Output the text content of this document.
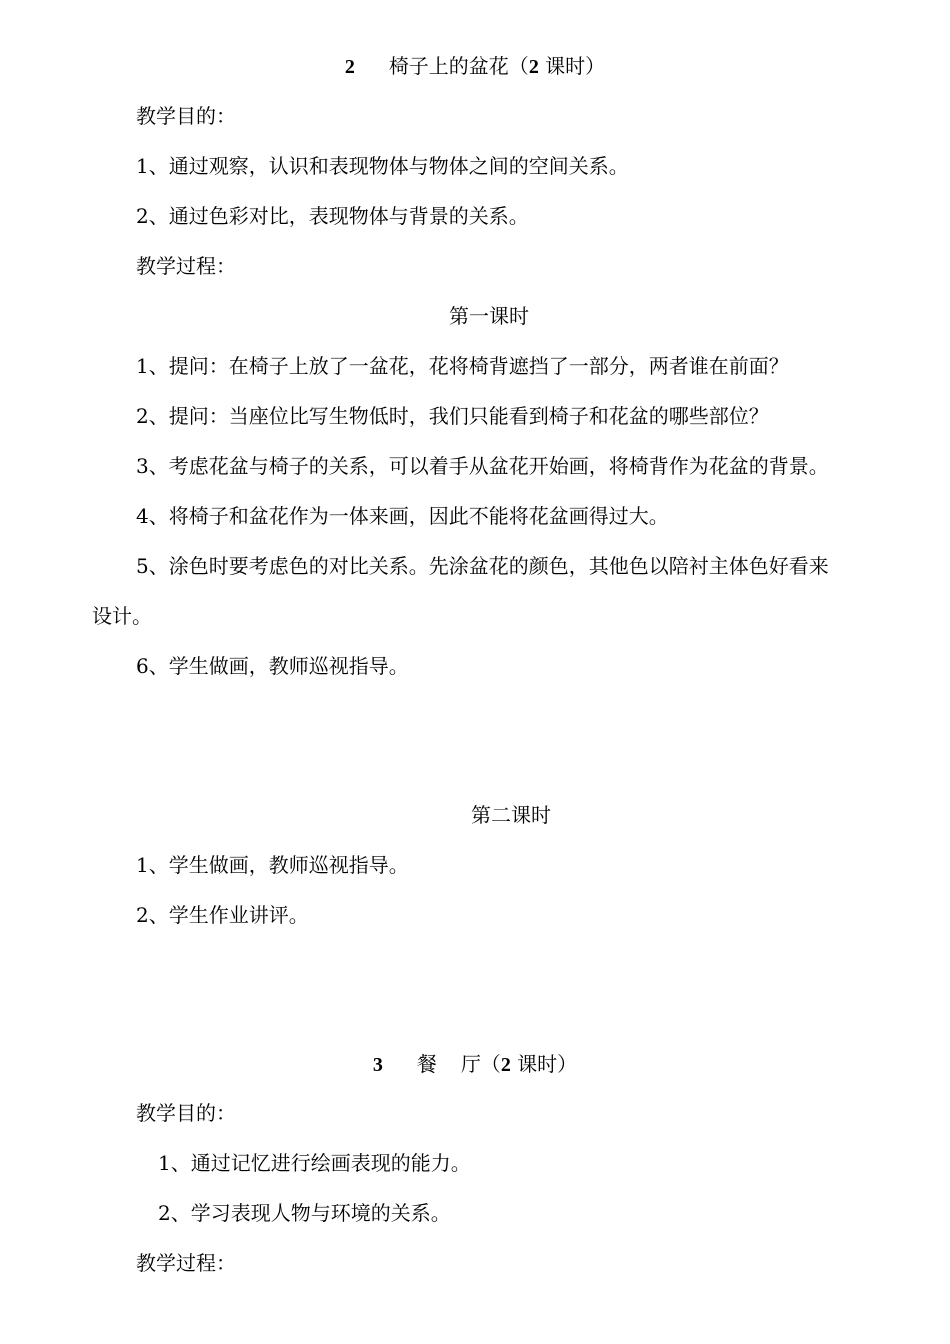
2 椅子上的盆花（2 课时）
教学目的：
1、通过观察，认识和表现物体与物体之间的空间关系。
2、通过色彩对比，表现物体与背景的关系。
教学过程：
第一课时
1、提问：在椅子上放了一盆花，花将椅背遮挡了一部分，两者谁在前面？
2、提问：当座位比写生物低时，我们只能看到椅子和花盆的哪些部位？
3、考虑花盆与椅子的关系，可以着手从盆花开始画，将椅背作为花盆的背景。
4、将椅子和盆花作为一体来画，因此不能将花盆画得过大。
5、涂色时要考虑色的对比关系。先涂盆花的颜色，其他色以陪衬主体色好看来
设计。
6、学生做画，教师巡视指导。
第二课时
1、学生做画，教师巡视指导。
2、学生作业讲评。
3 餐 厅（2 课时）
教学目的：
1、通过记忆进行绘画表现的能力。
2、学习表现人物与环境的关系。
教学过程：
